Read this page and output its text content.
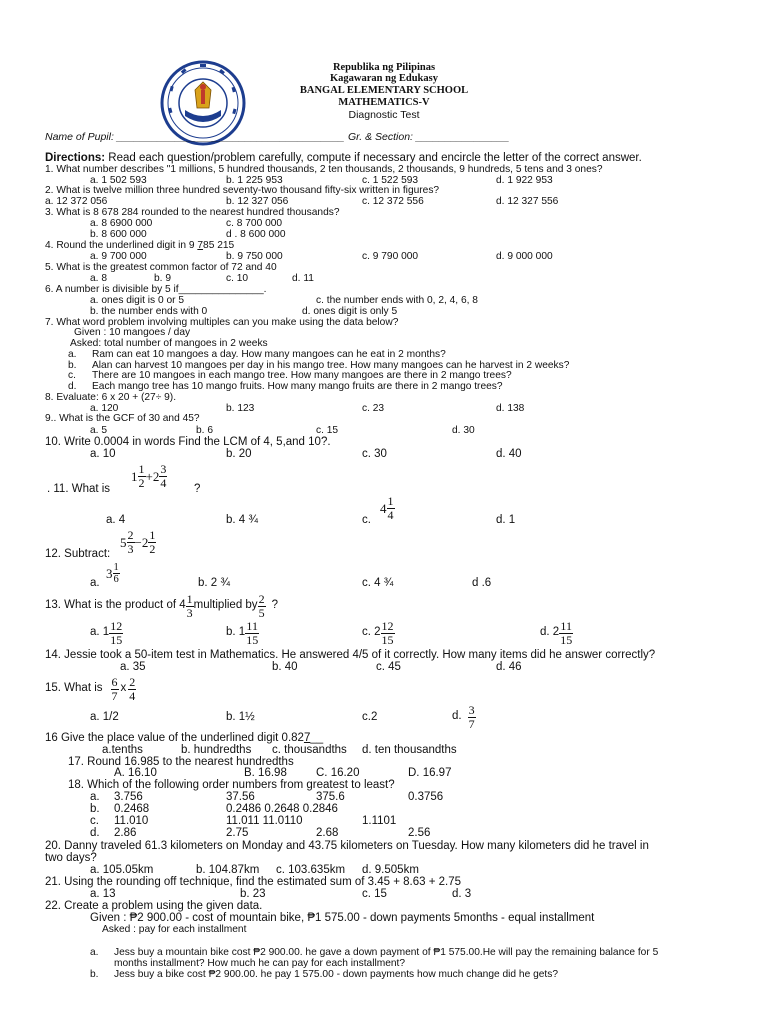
Republika ng Pilipinas
Kagawaran ng Edukasy
BANGAL ELEMENTARY SCHOOL
MATHEMATICS-V
Diagnostic Test
Name of Pupil: _______________________________________ Gr. & Section: ________________
Directions: Read each question/problem carefully, compute if necessary and encircle the letter of the correct answer.
1. What number describes "1 millions, 5 hundred thousands, 2 ten thousands, 2 thousands, 9 hundreds, 5 tens and 3 ones?
a. 1 502 593	b. 1 225 953	c. 1 522 593	d. 1 922 953
2. What is twelve million three hundred seventy-two thousand fifty-six written in figures?
a. 12 372 056	b. 12 327 056	c. 12 372 556	d. 12 327 556
3. What is 8 678 284 rounded to the nearest hundred thousands?
a. 8 6900 000	c. 8 700 000
b. 8 600 000	d . 8 600 000
4. Round the underlined digit in 9 785 215
a. 9 700 000	b. 9 750 000	c. 9 790 000	d. 9 000 000
5. What is the greatest common factor of 72 and 40
a. 8	b. 9	c. 10	d. 11
6. A number is divisible by 5 if_______________.
a. ones digit is 0 or 5	c. the number ends with 0, 2, 4, 6, 8
b. the number ends with 0	d. ones digit is only 5
7. What word problem involving multiples can you make using the data below?
Given : 10 mangoes / day
Asked: total number of mangoes in 2 weeks
a. Ram can eat 10 mangoes a day. How many mangoes can he eat in 2 months?
b. Alan can harvest 10 mangoes per day in his mango tree. How many mangoes can he harvest in 2 weeks?
c. There are 10 mangoes in each mango tree. How many mangoes are there in 2 mango trees?
d. Each mango tree has 10 mango fruits. How many mango fruits are there in 2 mango trees?
8. Evaluate: 6 x 20 + (27÷ 9).
a. 120	b. 123	c. 23	d. 138
9.. What is the GCF of 30 and 45?
a. 5	b. 6	c. 15	d. 30
10. Write 0.0004 in words Find the LCM of 4, 5,and 10?.
a. 10	b. 20	c. 30	d. 40
. 11. What is
$1 \frac{1}{2} + 2 \frac{3}{4}$ ?
a. 4	b. 4 ¾	c.
$4 \frac{1}{4}$	d. 1
12. Subtract:
$5 \frac{2}{3} - 2 \frac{1}{2}$
a.
$3 \frac{1}{6}$	b. 2 ¾	c. 4 ¾	d .6
13. What is the product of $4 \frac{1}{3}$ multiplied by $\frac{2}{5}$ ?
a. $1 \frac{12}{15}$	b. $1 \frac{11}{15}$	c. $2 \frac{12}{15}$	d. $2 \frac{11}{15}$
14. Jessie took a 50-item test in Mathematics. He answered 4/5 of it correctly. How many items did he answer correctly?
a. 35	b. 40	c. 45	d. 46
15. What is $\frac{6}{7}$ x $\frac{2}{4}$
a. 1/2	b. 1½	c.2	d. $\frac{3}{7}$
16 Give the place value of the underlined digit 0.827__
a.tenths	b. hundredths c. thousandths d. ten thousandths
17. Round 16.985 to the nearest hundredths
A. 16.10	B. 16.98	C. 16.20	D. 16.97
18. Which of the following order numbers from greatest to least?
a. 3.756	37.56	375.6	0.3756
b. 0.2468	0.2486 0.2648 0.2846
c. 11.010	11.011 11.0110	1.1101
d. 2.86	2.75	2.68	2.56
20. Danny traveled 61.3 kilometers on Monday and 43.75 kilometers on Tuesday. How many kilometers did he travel in
two days?
a. 105.05km	b. 104.87km c. 103.635km d. 9.505km
21. Using the rounding off technique, find the estimated sum of 3.45 + 8.63 + 2.75
a. 13	b. 23	c. 15	d. 3
22. Create a problem using the given data.
Given : ₱2 900.00 - cost of mountain bike, ₱1 575.00 - down payments 5months - equal installment
Asked : pay for each installment
a. Jess buy a mountain bike cost ₱2 900.00. he gave a down payment of ₱1 575.00.He will pay the remaining balance for 5
months installment? How much he can pay for each installment?
b. Jess buy a bike cost ₱2 900.00. he pay 1 575.00 - down payments how much change did he gets?
